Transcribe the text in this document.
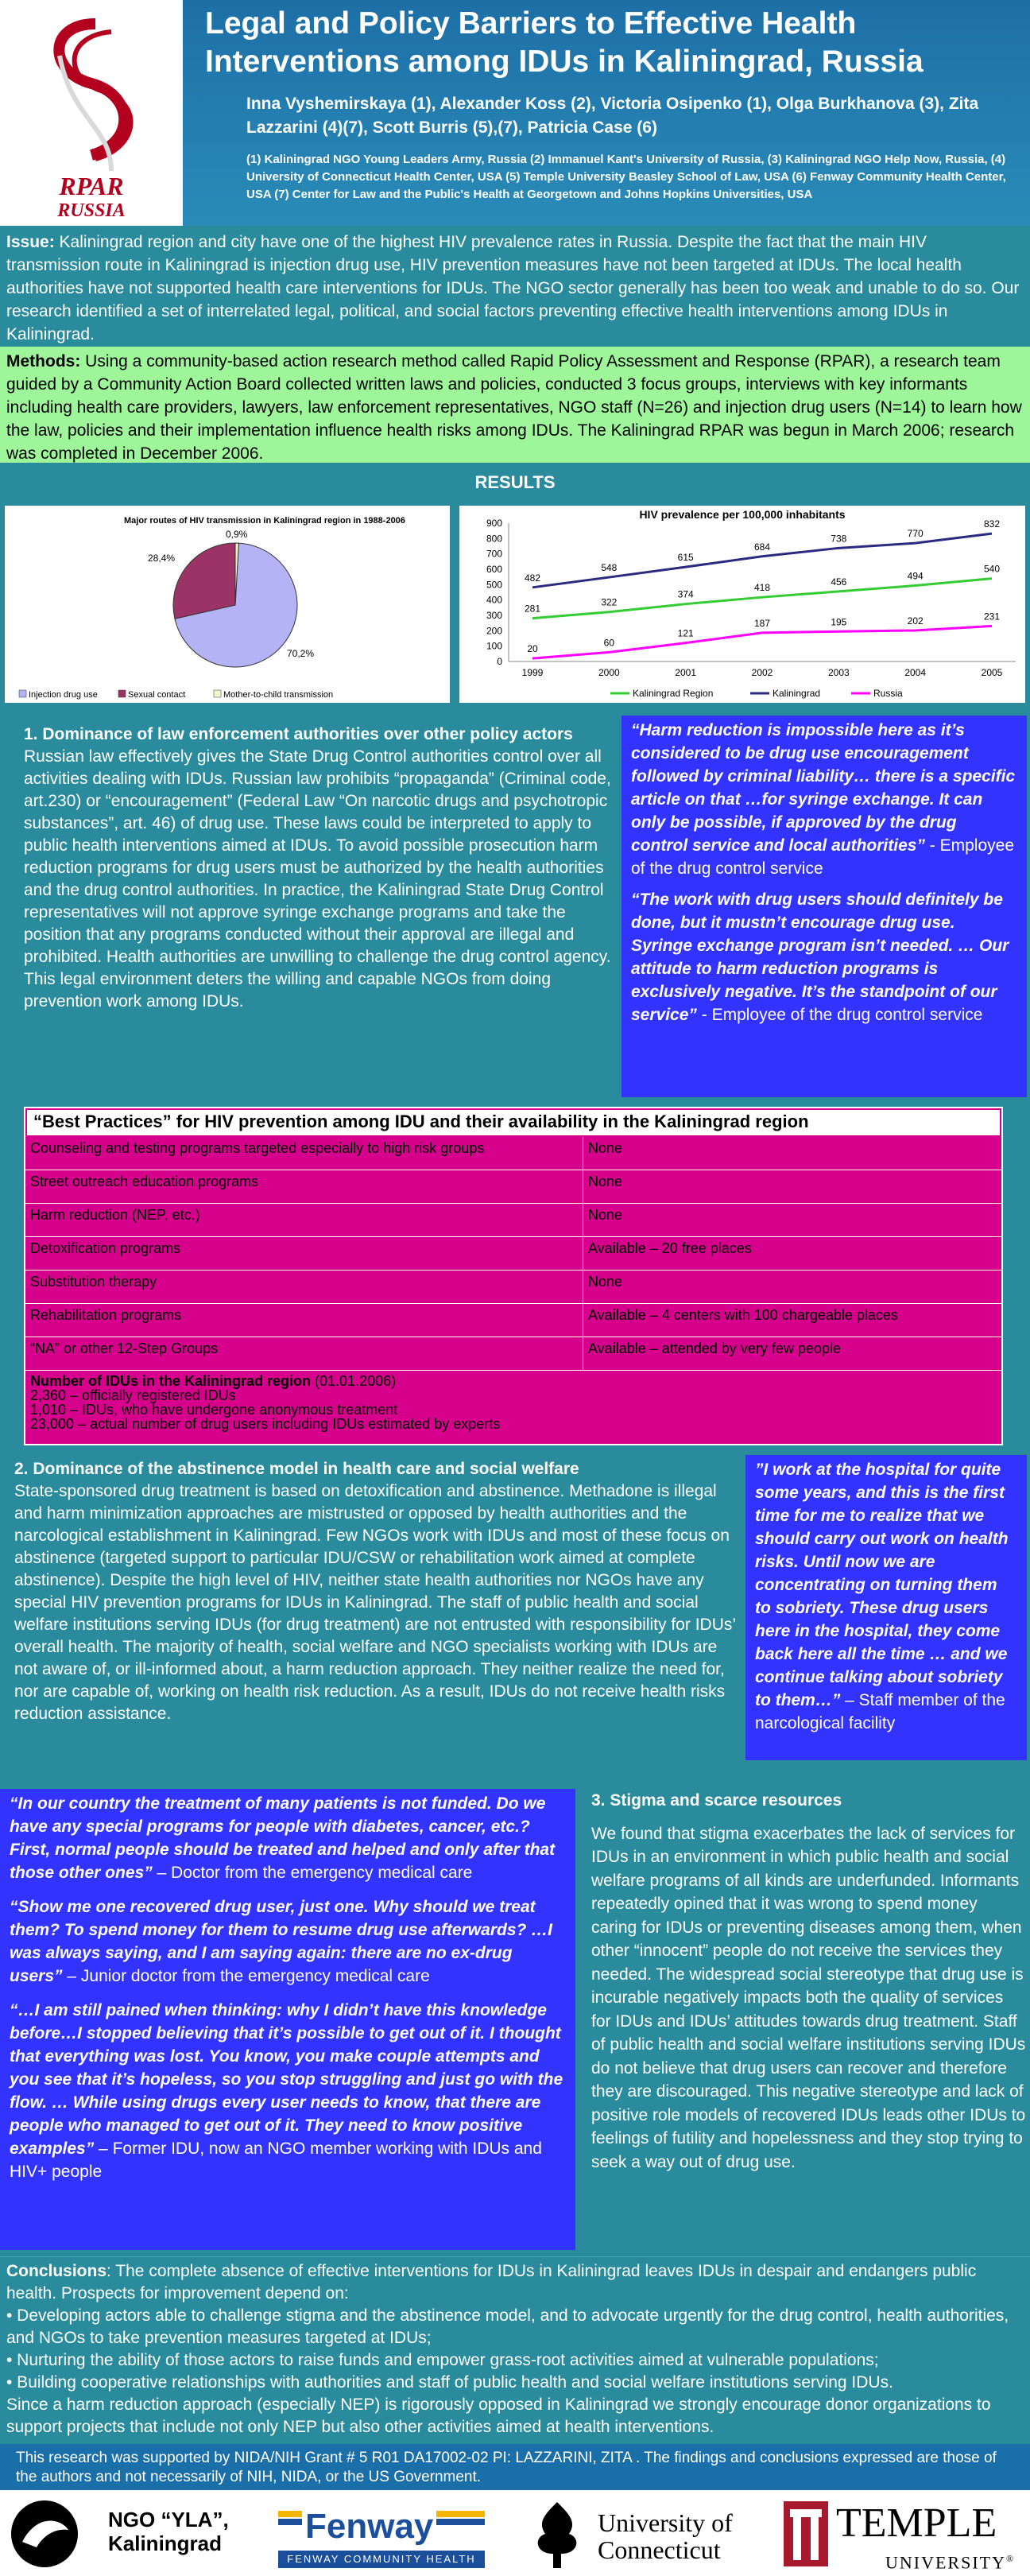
RPAR
RUSSIA
Legal and Policy Barriers to Effective Health
Interventions among IDUs in Kaliningrad, Russia
Inna Vyshemirskaya (1), Alexander Koss (2), Victoria Osipenko (1), Olga Burkhanova (3), Zita Lazzarini (4)(7), Scott Burris (5),(7), Patricia Case (6)
(1) Kaliningrad NGO Young Leaders Army, Russia (2) Immanuel Kant's University of Russia, (3) Kaliningrad NGO Help Now, Russia, (4) University of Connecticut Health Center, USA (5) Temple University Beasley School of Law, USA (6) Fenway Community Health Center, USA (7) Center for Law and the Public's Health at Georgetown and Johns Hopkins Universities, USA
Issue: Kaliningrad region and city have one of the highest HIV prevalence rates in Russia. Despite the fact that the main HIV transmission route in Kaliningrad is injection drug use, HIV prevention measures have not been targeted at IDUs. The local health authorities have not supported health care interventions for IDUs. The NGO sector generally has been too weak and unable to do so. Our research identified a set of interrelated legal, political, and social factors preventing effective health interventions among IDUs in Kaliningrad.
Methods: Using a community-based action research method called Rapid Policy Assessment and Response (RPAR), a research team guided by a Community Action Board collected written laws and policies, conducted 3 focus groups, interviews with key informants including health care providers, lawyers, law enforcement representatives, NGO staff (N=26) and injection drug users (N=14) to learn how the law, policies and their implementation influence health risks among IDUs. The Kaliningrad RPAR was begun in March 2006; research was completed in December 2006.
RESULTS
Major routes of HIV transmission in Kaliningrad region in 1988-2006
70,2%
28,4%
0,9%
Injection drug use	Sexual contact	Mother-to-child transmission
HIV prevalence per 100,000 inhabitants
0
100
200
300
400
500
600
700
800
900
1999	2000	2001	2002	2003	2004	2005
281
322
374
418
456
494
540
482
548
615
684
738	770
832
20
60
121
187	195	202	231
Kaliningrad Region	Kaliningrad	Russia
1. Dominance of law enforcement authorities over other policy actors
Russian law effectively gives the State Drug Control authorities control over all activities dealing with IDUs. Russian law prohibits “propaganda” (Criminal code, art.230) or “encouragement” (Federal Law “On narcotic drugs and psychotropic substances”, art. 46) of drug use. These laws could be interpreted to apply to public health interventions aimed at IDUs. To avoid possible prosecution harm reduction programs for drug users must be authorized by the health authorities and the drug control authorities. In practice, the Kaliningrad State Drug Control representatives will not approve syringe exchange programs and take the position that any programs conducted without their approval are illegal and prohibited. Health authorities are unwilling to challenge the drug control agency. This legal environment deters the willing and capable NGOs from doing prevention work among IDUs.
“Harm reduction is impossible here as it’s considered to be drug use encouragement followed by criminal liability… there is a specific article on that …for syringe exchange. It can only be possible, if approved by the drug control service and local authorities” - Employee of the drug control service
“The work with drug users should definitely be done, but it mustn’t encourage drug use. Syringe exchange program isn’t needed. … Our attitude to harm reduction programs is exclusively negative. It’s the standpoint of our service” - Employee of the drug control service
“Best Practices” for HIV prevention among IDU and their availability in the Kaliningrad region
Counseling and testing programs targeted especially to high risk groups	None
Street outreach education programs	None
Harm reduction (NEP, etc.)	None
Detoxification programs	Available – 20 free places
Substitution therapy	None
Rehabilitation programs	Available – 4 centers with 100 chargeable places
“NA” or other 12-Step Groups	Available – attended by very few people
Number of IDUs in the Kaliningrad region (01.01.2006)
2,360 – officially registered IDUs
1,010 – IDUs, who have undergone anonymous treatment
23,000 – actual number of drug users including IDUs estimated by experts
2. Dominance of the abstinence model in health care and social welfare
State-sponsored drug treatment is based on detoxification and abstinence. Methadone is illegal and harm minimization approaches are mistrusted or opposed by health authorities and the narcological establishment in Kaliningrad. Few NGOs work with IDUs and most of these focus on abstinence (targeted support to particular IDU/CSW or rehabilitation work aimed at complete abstinence). Despite the high level of HIV, neither state health authorities nor NGOs have any special HIV prevention programs for IDUs in Kaliningrad. The staff of public health and social welfare institutions serving IDUs (for drug treatment) are not entrusted with responsibility for IDUs’ overall health. The majority of health, social welfare and NGO specialists working with IDUs are not aware of, or ill-informed about, a harm reduction approach. They neither realize the need for, nor are capable of, working on health risk reduction. As a result, IDUs do not receive health risks reduction assistance.
”I work at the hospital for quite some years, and this is the first time for me to realize that we should carry out work on health risks. Until now we are concentrating on turning them to sobriety. These drug users here in the hospital, they come back here all the time … and we continue talking about sobriety to them…” – Staff member of the narcological facility
“In our country the treatment of many patients is not funded. Do we have any special programs for people with diabetes, cancer, etc.? First, normal people should be treated and helped and only after that those other ones” – Doctor from the emergency medical care
“Show me one recovered drug user, just one. Why should we treat them? To spend money for them to resume drug use afterwards? …I was always saying, and I am saying again: there are no ex-drug users” – Junior doctor from the emergency medical care
“…I am still pained when thinking: why I didn’t have this knowledge before…I stopped believing that it’s possible to get out of it. I thought that everything was lost. You know, you make couple attempts and you see that it’s hopeless, so you stop struggling and just go with the flow. … While using drugs every user needs to know, that there are people who managed to get out of it. They need to know positive examples” – Former IDU, now an NGO member working with IDUs and HIV+ people
3. Stigma and scarce resources
We found that stigma exacerbates the lack of services for IDUs in an environment in which public health and social welfare programs of all kinds are underfunded. Informants repeatedly opined that it was wrong to spend money caring for IDUs or preventing diseases among them, when other “innocent” people do not receive the services they needed. The widespread social stereotype that drug use is incurable negatively impacts both the quality of services for IDUs and IDUs’ attitudes towards drug treatment. Staff of public health and social welfare institutions serving IDUs do not believe that drug users can recover and therefore they are discouraged. This negative stereotype and lack of positive role models of recovered IDUs leads other IDUs to feelings of futility and hopelessness and they stop trying to seek a way out of drug use.
Conclusions: The complete absence of effective interventions for IDUs in Kaliningrad leaves IDUs in despair and endangers public health. Prospects for improvement depend on:
• Developing actors able to challenge stigma and the abstinence model, and to advocate urgently for the drug control, health authorities, and NGOs to take prevention measures targeted at IDUs;
• Nurturing the ability of those actors to raise funds and empower grass-root activities aimed at vulnerable populations;
• Building cooperative relationships with authorities and staff of public health and social welfare institutions serving IDUs.
Since a harm reduction approach (especially NEP) is rigorously opposed in Kaliningrad we strongly encourage donor organizations to support projects that include not only NEP but also other activities aimed at health interventions.
This research was supported by NIDA/NIH Grant # 5 R01 DA17002-02 PI: LAZZARINI, ZITA . The findings and conclusions expressed are those of the authors and not necessarily of NIH, NIDA, or the US Government.
NGO “YLA”,
Kaliningrad Fenway
FENWAY COMMUNITY HEALTH
University of
Connecticut
TEMPLE
UNIVERSITY®
